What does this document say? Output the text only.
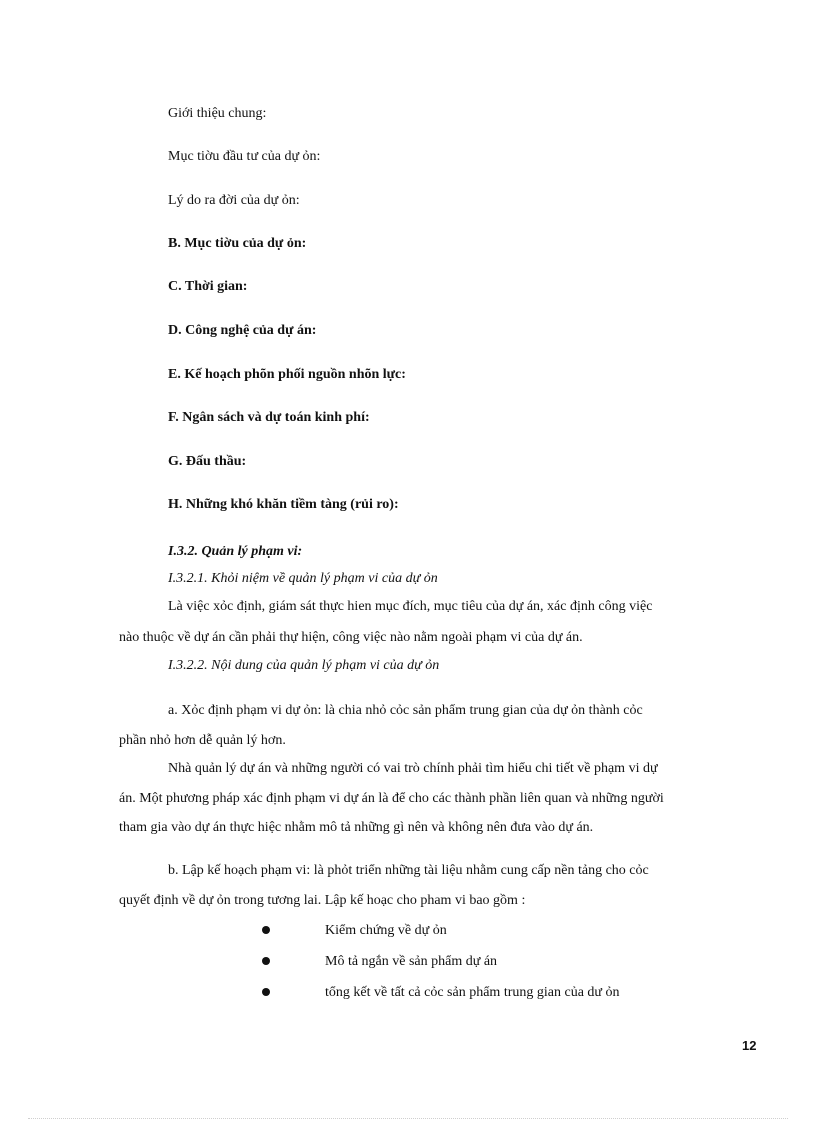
Giới thiệu chung:
Mục tiờu đầu tư của dự ỏn:
Lý do ra đời của dự ỏn:
B. Mục tiờu của dự ỏn:
C. Thời gian:
D. Công nghệ của dự án:
E. Kế hoạch phõn phối nguồn nhõn lực:
F. Ngân sách và dự toán kinh phí:
G. Đấu thầu:
H. Những khó khăn tiềm tàng (rủi ro):
I.3.2. Quản lý phạm vi:
I.3.2.1. Khỏi niệm về quản lý phạm vi của dự ỏn
Là việc xỏc định, giám sát thực hien mục đích, mục tiêu của dự án, xác định công việc
nào thuộc về dự án cần phải thự hiện, công việc nào nằm ngoài phạm vi của dự án.
I.3.2.2. Nội dung của quản lý phạm vi của dự ỏn
a. Xỏc định phạm vi dự ỏn: là chia nhỏ cỏc sản phẩm trung gian của dự ỏn thành cỏc
phần nhỏ hơn dễ quản lý hơn.
Nhà quản lý dự án và những người có vai trò chính phải tìm hiểu chi tiết về phạm vi dự
án. Một phương pháp xác định phạm vi dự án là để cho các thành phần liên quan và những người
tham gia vào dự án thực hiệc nhằm mô tả những gì nên và không nên đưa vào dự án.
b. Lập kế hoạch phạm vi: là phỏt triển những tài liệu nhằm cung cấp nền tảng cho cỏc
quyết định về dự ỏn trong tương lai. Lập kế hoạc cho pham vi bao gồm :
Kiểm chứng về dự ỏn
Mô tả ngắn về sản phẩm dự án
tổng kết về tất cả cỏc sản phẩm trung gian của dư ỏn
12
